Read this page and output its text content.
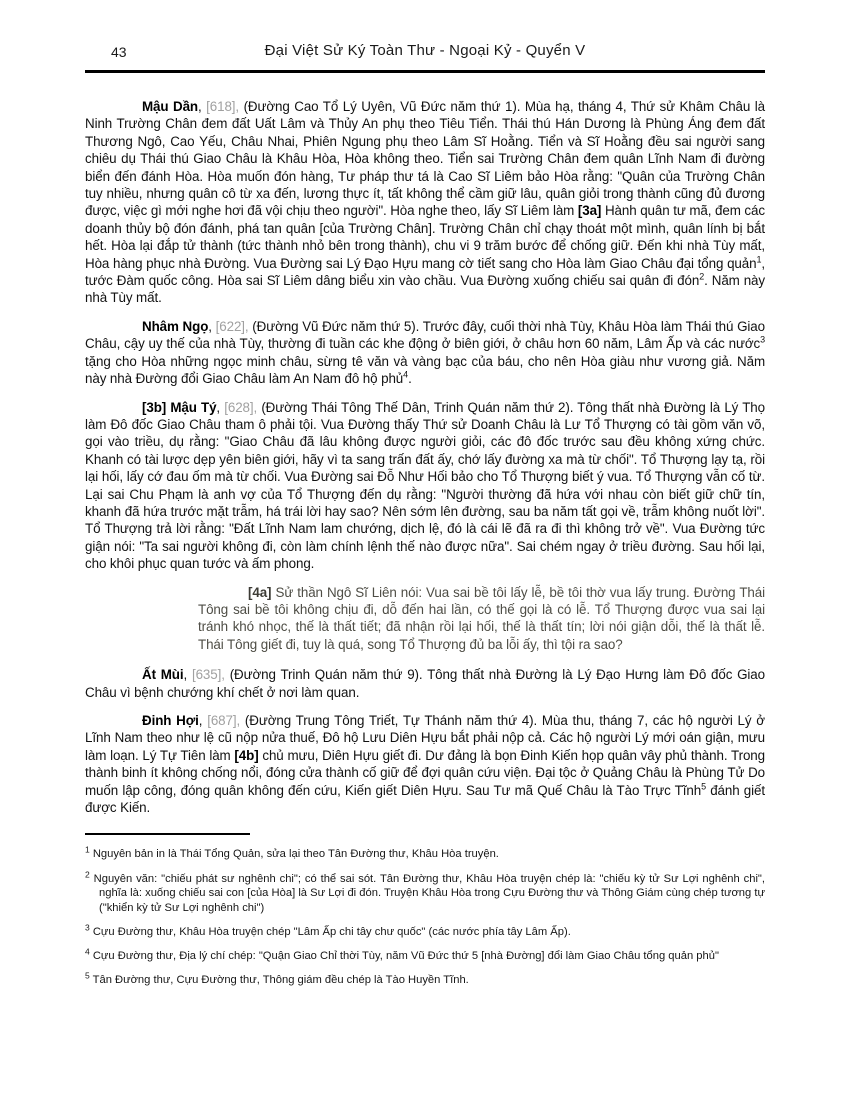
43	Đại Việt Sử Ký Toàn Thư - Ngoại Kỷ - Quyển V

Mậu Dần, [618], (Đường Cao Tổ Lý Uyên, Vũ Đức năm thứ 1). Mùa hạ, tháng 4, Thứ sử Khâm Châu là Ninh Trường Chân đem đất Uất Lâm và Thủy An phụ theo Tiêu Tiển. Thái thú Hán Dương là Phùng Áng đem đất Thương Ngô, Cao Yếu, Châu Nhai, Phiên Ngung phụ theo Lâm Sĩ Hoằng. Tiển và Sĩ Hoằng đều sai người sang chiêu dụ Thái thú Giao Châu là Khâu Hòa, Hòa không theo. Tiển sai Trường Chân đem quân Lĩnh Nam đi đường biển đến đánh Hòa. Hòa muốn đón hàng, Tư pháp thư tá là Cao Sĩ Liêm bảo Hòa rằng: "Quân của Trường Chân tuy nhiều, nhưng quân cô từ xa đến, lương thực ít, tất không thể cầm giữ lâu, quân giỏi trong thành cũng đủ đương được, việc gì mới nghe hơi đã vội chịu theo người". Hòa nghe theo, lấy Sĩ Liêm làm [3a] Hành quân tư mã, đem các doanh thủy bộ đón đánh, phá tan quân [của Trường Chân]. Trường Chân chỉ chạy thoát một mình, quân lính bị bắt hết. Hòa lại đắp tử thành (tức thành nhỏ bên trong thành), chu vi 9 trăm bước để chống giữ. Đến khi nhà Tùy mất, Hòa hàng phục nhà Đường. Vua Đường sai Lý Đạo Hựu mang cờ tiết sang cho Hòa làm Giao Châu đại tổng quản$^1$, tước Đàm quốc công. Hòa sai Sĩ Liêm dâng biểu xin vào chầu. Vua Đường xuống chiếu sai quân đi đón$^2$. Năm này nhà Tùy mất.

Nhâm Ngọ, [622], (Đường Vũ Đức năm thứ 5). Trước đây, cuối thời nhà Tùy, Khâu Hòa làm Thái thú Giao Châu, cậy uy thế của nhà Tùy, thường đi tuần các khe động ở biên giới, ở châu hơn 60 năm, Lâm Ấp và các nước$^3$ tặng cho Hòa những ngọc minh châu, sừng tê văn và vàng bạc của báu, cho nên Hòa giàu như vương giả. Năm này nhà Đường đổi Giao Châu làm An Nam đô hộ phủ$^4$.

[3b] Mậu Tý, [628], (Đường Thái Tông Thế Dân, Trinh Quán năm thứ 2). Tông thất nhà Đường là Lý Thọ làm Đô đốc Giao Châu tham ô phải tội. Vua Đường thấy Thứ sử Doanh Châu là Lư Tổ Thượng có tài gồm văn võ, gọi vào triều, dụ rằng: "Giao Châu đã lâu không được người giỏi, các đô đốc trước sau đều không xứng chức. Khanh có tài lược dẹp yên biên giới, hãy vì ta sang trấn đất ấy, chớ lấy đường xa mà từ chối". Tổ Thượng lạy tạ, rồi lại hối, lấy cớ đau ốm mà từ chối. Vua Đường sai Đỗ Như Hối bảo cho Tổ Thượng biết ý vua. Tổ Thượng vẫn cố từ. Lại sai Chu Phạm là anh vợ của Tổ Thượng đến dụ rằng: "Người thường đã hứa với nhau còn biết giữ chữ tín, khanh đã hứa trước mặt trẫm, há trái lời hay sao? Nên sớm lên đường, sau ba năm tất gọi về, trẫm không nuốt lời". Tổ Thượng trả lời rằng: "Đất Lĩnh Nam lam chướng, dịch lệ, đó là cái lẽ đã ra đi thì không trở về". Vua Đường tức giận nói: "Ta sai người không đi, còn làm chính lệnh thế nào được nữa". Sai chém ngay ở triều đường. Sau hối lại, cho khôi phục quan tước và ấm phong.

[4a] Sử thần Ngô Sĩ Liên nói: Vua sai bề tôi lấy lễ, bề tôi thờ vua lấy trung. Đường Thái Tông sai bề tôi không chịu đi, dỗ đến hai lần, có thế gọi là có lễ. Tổ Thượng được vua sai lại tránh khó nhọc, thế là thất tiết; đã nhận rồi lại hối, thế là thất tín; lời nói giận dỗi, thế là thất lễ. Thái Tông giết đi, tuy là quá, song Tổ Thượng đủ ba lỗi ấy, thì tội ra sao?

Ất Mùi, [635], (Đường Trinh Quán năm thứ 9). Tông thất nhà Đường là Lý Đạo Hưng làm Đô đốc Giao Châu vì bệnh chướng khí chết ở nơi làm quan.

Đinh Hợi, [687], (Đường Trung Tông Triết, Tự Thánh năm thứ 4). Mùa thu, tháng 7, các hộ người Lý ở Lĩnh Nam theo như lệ cũ nộp nửa thuế, Đô hộ Lưu Diên Hựu bắt phải nộp cả. Các hộ người Lý mới oán giận, mưu làm loạn. Lý Tự Tiên làm [4b] chủ mưu, Diên Hựu giết đi. Dư đảng là bọn Đinh Kiến họp quân vây phủ thành. Trong thành binh ít không chống nổi, đóng cửa thành cố giữ để đợi quân cứu viện. Đại tộc ở Quảng Châu là Phùng Tử Do muốn lập công, đóng quân không đến cứu, Kiến giết Diên Hựu. Sau Tư mã Quế Châu là Tào Trực Tĩnh$^5$ đánh giết được Kiến.

$^1$ Nguyên bản in là Thái Tổng Quản, sửa lại theo Tân Đường thư, Khâu Hòa truyện.

$^2$ Nguyên văn: "chiếu phát sư nghênh chi"; có thể sai sót. Tân Đường thư, Khâu Hòa truyện chép là: "chiếu kỳ tử Sư Lợi nghênh chi", nghĩa là: xuống chiếu sai con [của Hòa] là Sư Lợi đi đón. Truyện Khâu Hòa trong Cựu Đường thư và Thông Giám cùng chép tương tự ("khiển kỳ tử Sư Lợi nghênh chi")

$^3$ Cựu Đường thư, Khâu Hòa truyện chép "Lâm Ấp chi tây chư quốc" (các nước phía tây Lâm Ấp).

$^4$ Cựu Đường thư, Địa lý chí chép: "Quận Giao Chỉ thời Tùy, năm Vũ Đức thứ 5 [nhà Đường] đổi làm Giao Châu tổng quản phủ"

$^5$ Tân Đường thư, Cựu Đường thư, Thông giám đều chép là Tào Huyền Tĩnh.
